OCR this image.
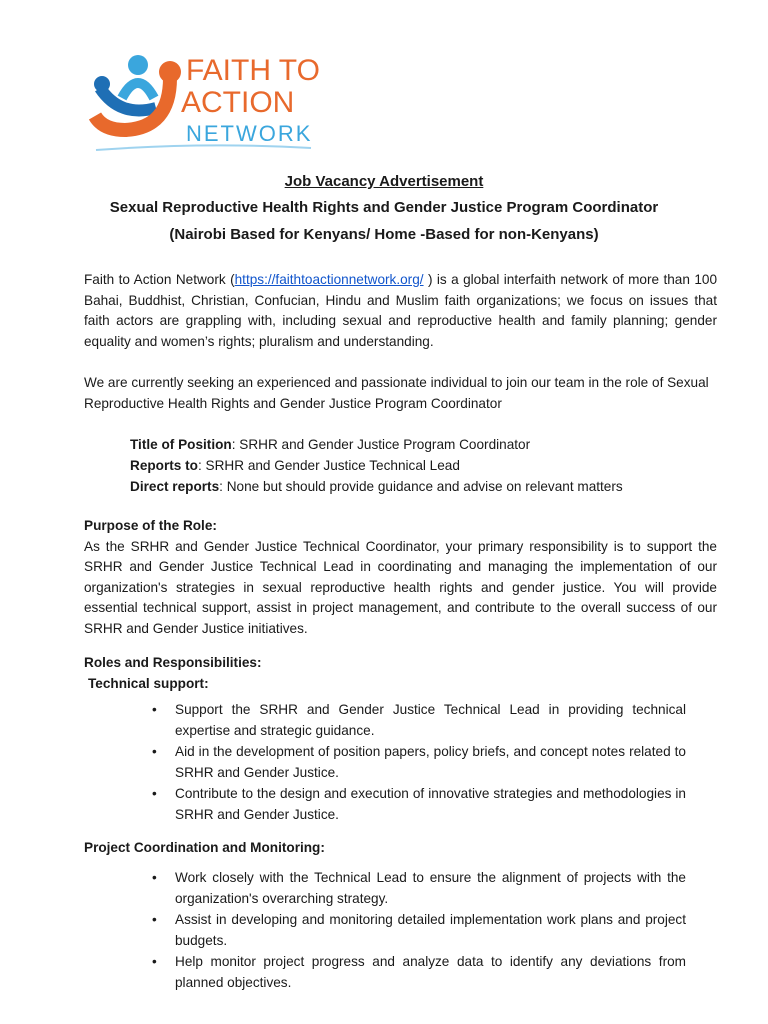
FAITH TO
ACTION
NETWORK
Job Vacancy Advertisement
Sexual Reproductive Health Rights and Gender Justice Program Coordinator
(Nairobi Based for Kenyans/ Home -Based for non-Kenyans)
Faith to Action Network (https://faithtoactionnetwork.org/ ) is a global interfaith network of more than 100 Bahai, Buddhist, Christian, Confucian, Hindu and Muslim faith organizations; we focus on issues that faith actors are grappling with, including sexual and reproductive health and family planning; gender equality and women’s rights; pluralism and understanding.
We are currently seeking an experienced and passionate individual to join our team in the role of Sexual Reproductive Health Rights and Gender Justice Program Coordinator
Title of Position: SRHR and Gender Justice Program Coordinator
Reports to: SRHR and Gender Justice Technical Lead
Direct reports: None but should provide guidance and advise on relevant matters
Purpose of the Role:
As the SRHR and Gender Justice Technical Coordinator, your primary responsibility is to support the SRHR and Gender Justice Technical Lead in coordinating and managing the implementation of our organization's strategies in sexual reproductive health rights and gender justice. You will provide essential technical support, assist in project management, and contribute to the overall success of our SRHR and Gender Justice initiatives.
Roles and Responsibilities:
Technical support:
• Support the SRHR and Gender Justice Technical Lead in providing technical expertise and strategic guidance.
• Aid in the development of position papers, policy briefs, and concept notes related to SRHR and Gender Justice.
• Contribute to the design and execution of innovative strategies and methodologies in SRHR and Gender Justice.
Project Coordination and Monitoring:
• Work closely with the Technical Lead to ensure the alignment of projects with the organization's overarching strategy.
• Assist in developing and monitoring detailed implementation work plans and project budgets.
• Help monitor project progress and analyze data to identify any deviations from planned objectives.
